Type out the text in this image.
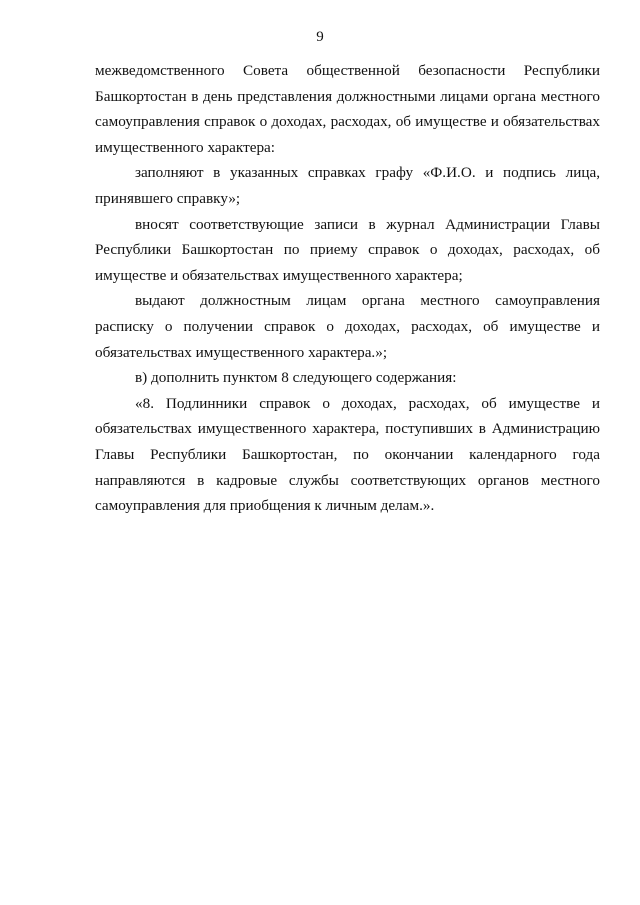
9

межведомственного Совета общественной безопасности Республики Башкортостан в день представления должностными лицами органа местного самоуправления справок о доходах, расходах, об имуществе и обязательствах имущественного характера:

заполняют в указанных справках графу «Ф.И.О. и подпись лица, принявшего справку»;

вносят соответствующие записи в журнал Администрации Главы Республики Башкортостан по приему справок о доходах, расходах, об имуществе и обязательствах имущественного характера;

выдают должностным лицам органа местного самоуправления расписку о получении справок о доходах, расходах, об имуществе и обязательствах имущественного характера.»;

в) дополнить пунктом 8 следующего содержания:

«8. Подлинники справок о доходах, расходах, об имуществе и обязательствах имущественного характера, поступивших в Администрацию Главы Республики Башкортостан, по окончании календарного года направляются в кадровые службы соответствующих органов местного самоуправления для приобщения к личным делам.».
